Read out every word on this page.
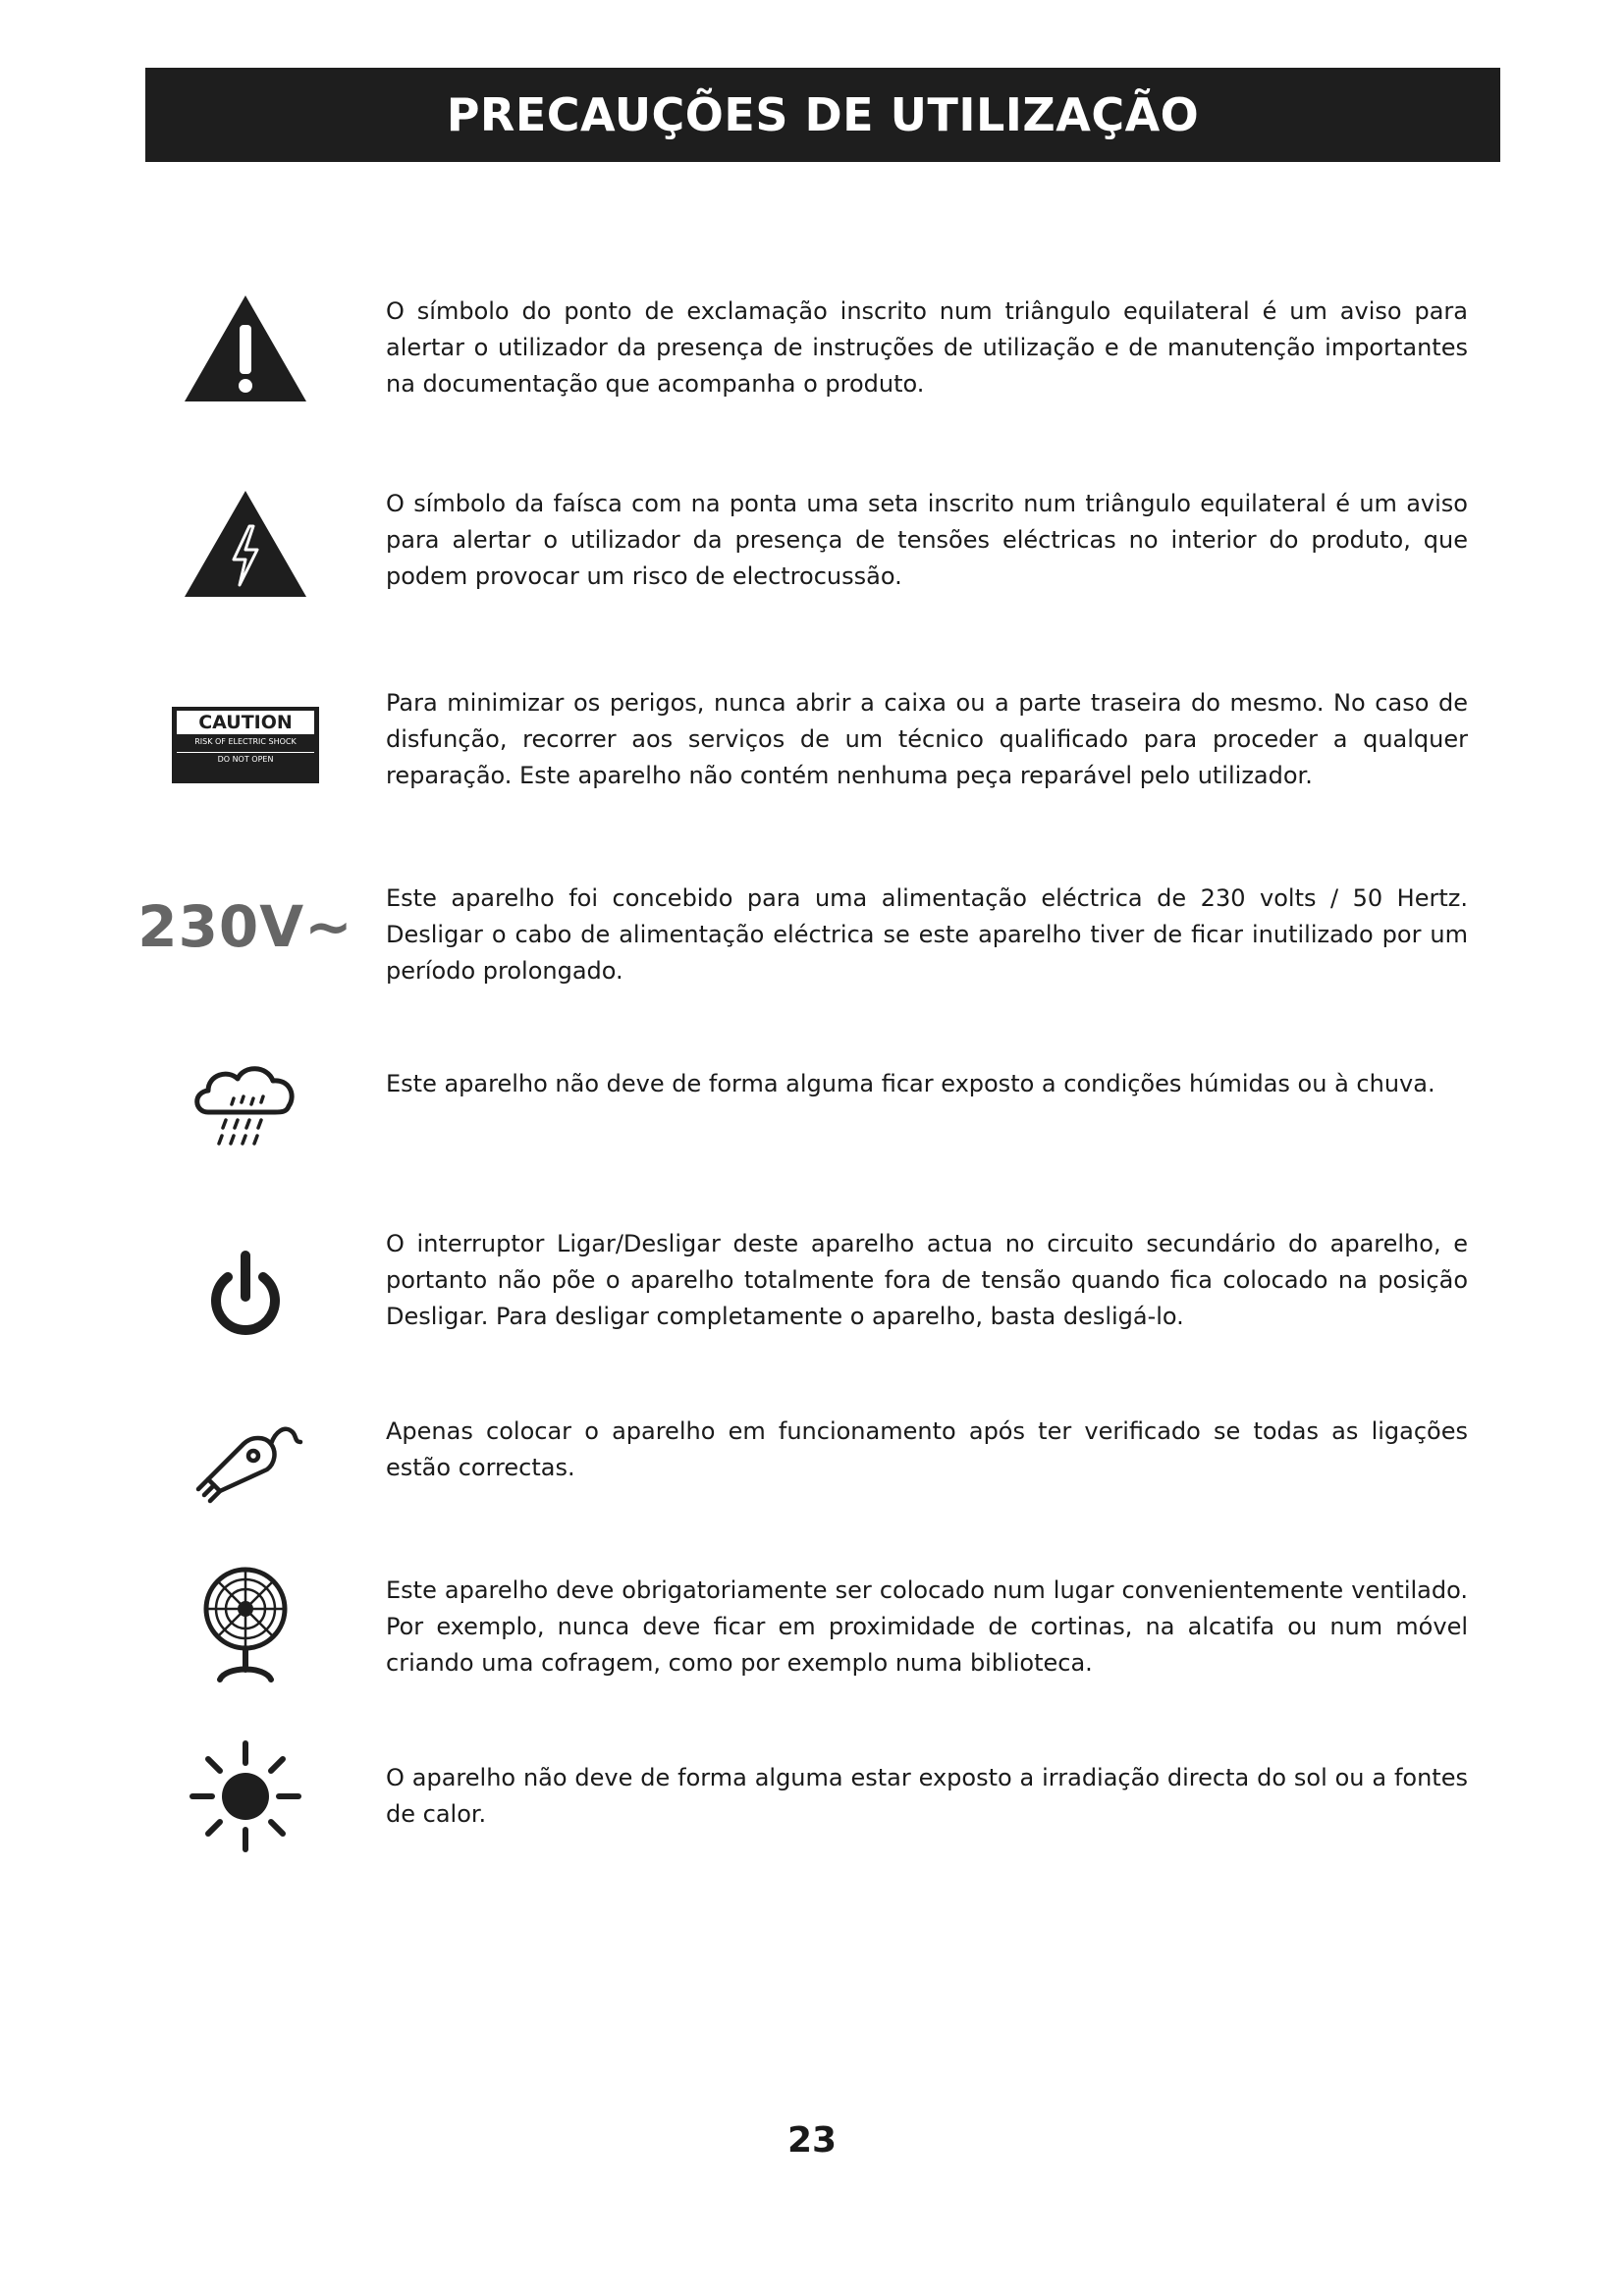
PRECAUÇÕES DE UTILIZAÇÃO

O símbolo do ponto de exclamação inscrito num triângulo equilateral é um aviso para alertar o utilizador da presença de instruções de utilização e de manutenção importantes na documentação que acompanha o produto.

O símbolo da faísca com na ponta uma seta inscrito num triângulo equilateral é um aviso para alertar o utilizador da presença de tensões eléctricas no interior do produto, que podem provocar um risco de electrocussão.

CAUTION
RISK OF ELECTRIC SHOCK
DO NOT OPEN

Para minimizar os perigos, nunca abrir a caixa ou a parte traseira do mesmo. No caso de disfunção, recorrer aos serviços de um técnico qualificado para proceder a qualquer reparação. Este aparelho não contém nenhuma peça reparável pelo utilizador.

230V~ Este aparelho foi concebido para uma alimentação eléctrica de 230 volts / 50 Hertz. Desligar o cabo de alimentação eléctrica se este aparelho tiver de ficar inutilizado por um período prolongado.

Este aparelho não deve de forma alguma ficar exposto a condições húmidas ou à chuva.

O interruptor Ligar/Desligar deste aparelho actua no circuito secundário do aparelho, e portanto não põe o aparelho totalmente fora de tensão quando fica colocado na posição Desligar. Para desligar completamente o aparelho, basta desligá-lo.

Apenas colocar o aparelho em funcionamento após ter verificado se todas as ligações estão correctas.

Este aparelho deve obrigatoriamente ser colocado num lugar convenientemente ventilado. Por exemplo, nunca deve ficar em proximidade de cortinas, na alcatifa ou num móvel criando uma cofragem, como por exemplo numa biblioteca.

O aparelho não deve de forma alguma estar exposto a irradiação directa do sol ou a fontes de calor.

23
